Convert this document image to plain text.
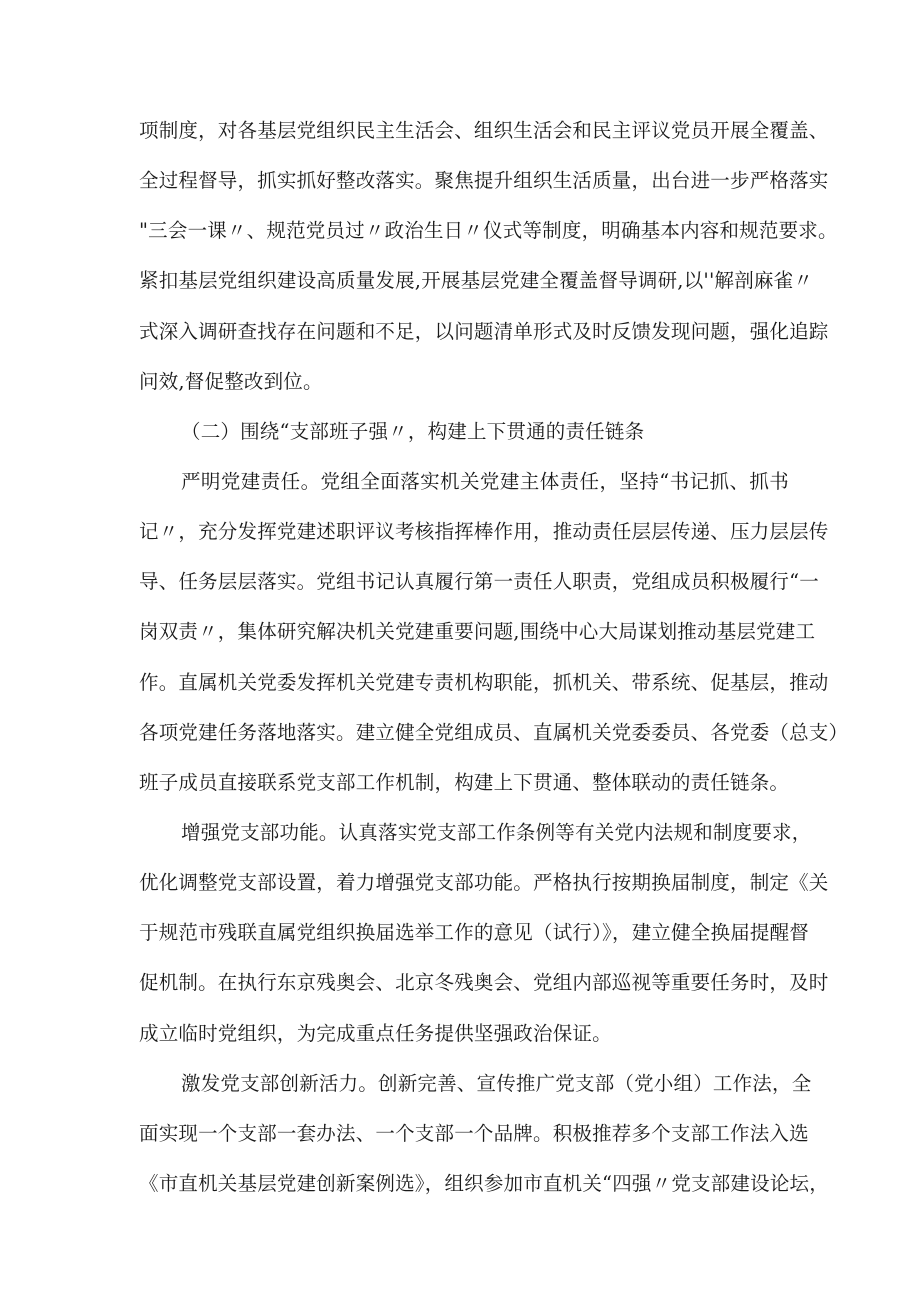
项制度，对各基层党组织民主生活会、组织生活会和民主评议党员开展全覆盖、
全过程督导，抓实抓好整改落实。聚焦提升组织生活质量，出台进一步严格落实
"三会一课〃、规范党员过〃政治生日〃仪式等制度，明确基本内容和规范要求。
紧扣基层党组织建设高质量发展,开展基层党建全覆盖督导调研,以''解剖麻雀〃
式深入调研查找存在问题和不足，以问题清单形式及时反馈发现问题，强化追踪
问效,督促整改到位。
（二）围绕“支部班子强〃，构建上下贯通的责任链条
严明党建责任。党组全面落实机关党建主体责任，坚持“书记抓、抓书
记〃，充分发挥党建述职评议考核指挥棒作用，推动责任层层传递、压力层层传
导、任务层层落实。党组书记认真履行第一责任人职责，党组成员积极履行“一
岗双责〃，集体研究解决机关党建重要问题,围绕中心大局谋划推动基层党建工
作。直属机关党委发挥机关党建专责机构职能，抓机关、带系统、促基层，推动
各项党建任务落地落实。建立健全党组成员、直属机关党委委员、各党委（总支）
班子成员直接联系党支部工作机制，构建上下贯通、整体联动的责任链条。
增强党支部功能。认真落实党支部工作条例等有关党内法规和制度要求，
优化调整党支部设置，着力增强党支部功能。严格执行按期换届制度，制定《关
于规范市残联直属党组织换届选举工作的意见（试行）》，建立健全换届提醒督
促机制。在执行东京残奥会、北京冬残奥会、党组内部巡视等重要任务时，及时
成立临时党组织，为完成重点任务提供坚强政治保证。
激发党支部创新活力。创新完善、宣传推广党支部（党小组）工作法，全
面实现一个支部一套办法、一个支部一个品牌。积极推荐多个支部工作法入选
《市直机关基层党建创新案例选》，组织参加市直机关“四强〃党支部建设论坛，
